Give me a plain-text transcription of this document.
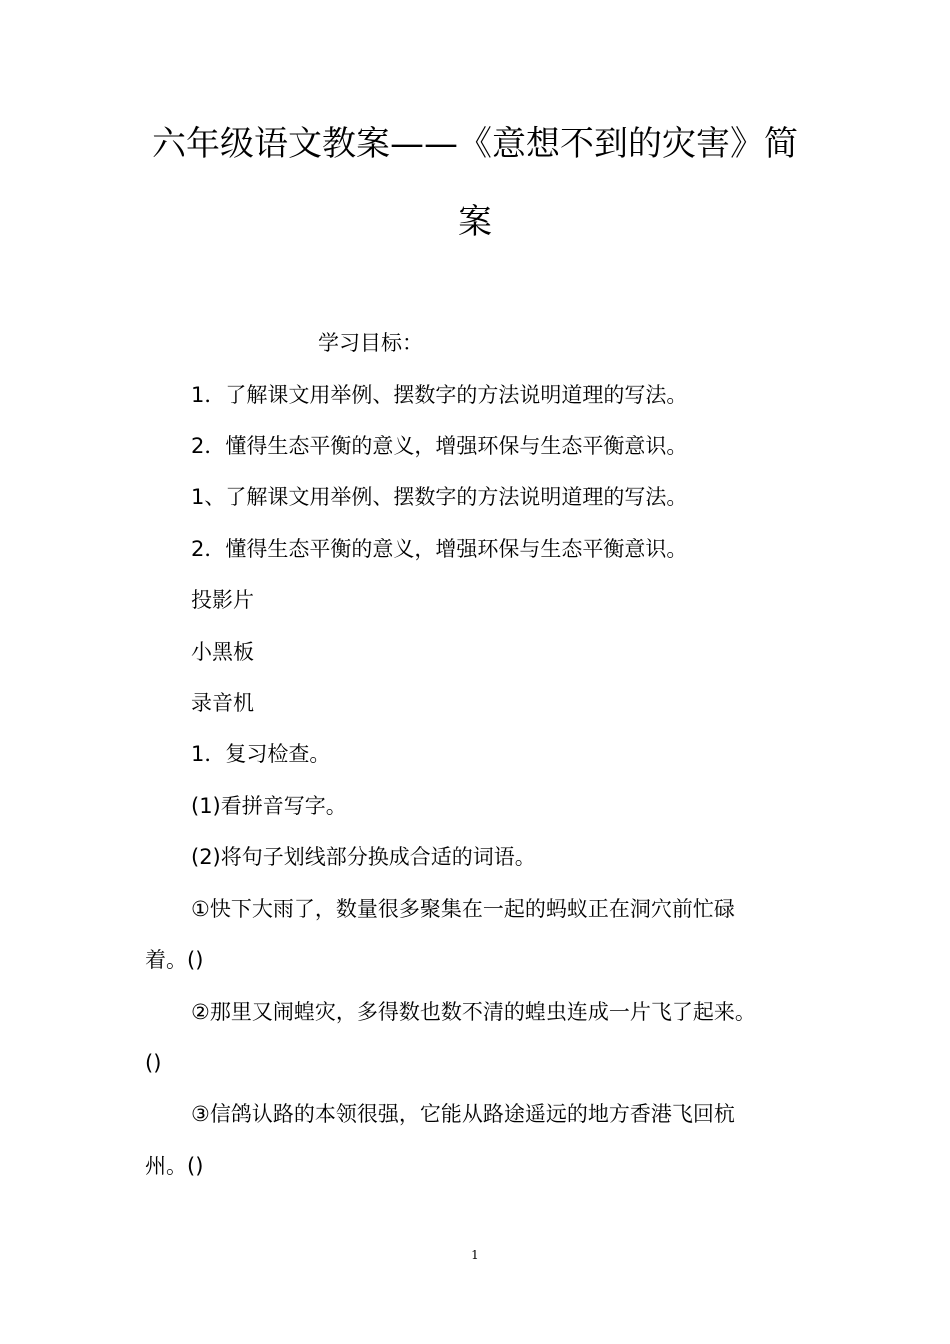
六年级语文教案——《意想不到的灾害》简
案
学习目标：
1．了解课文用举例、摆数字的方法说明道理的写法。
2．懂得生态平衡的意义，增强环保与生态平衡意识。
1、了解课文用举例、摆数字的方法说明道理的写法。
2．懂得生态平衡的意义，增强环保与生态平衡意识。
投影片
小黑板
录音机
1．复习检查。
(1)看拼音写字。
(2)将句子划线部分换成合适的词语。
①快下大雨了，数量很多聚集在一起的蚂蚁正在洞穴前忙碌
着。()
②那里又闹蝗灾，多得数也数不清的蝗虫连成一片飞了起来。
()
③信鸽认路的本领很强，它能从路途遥远的地方香港飞回杭
州。()
1
